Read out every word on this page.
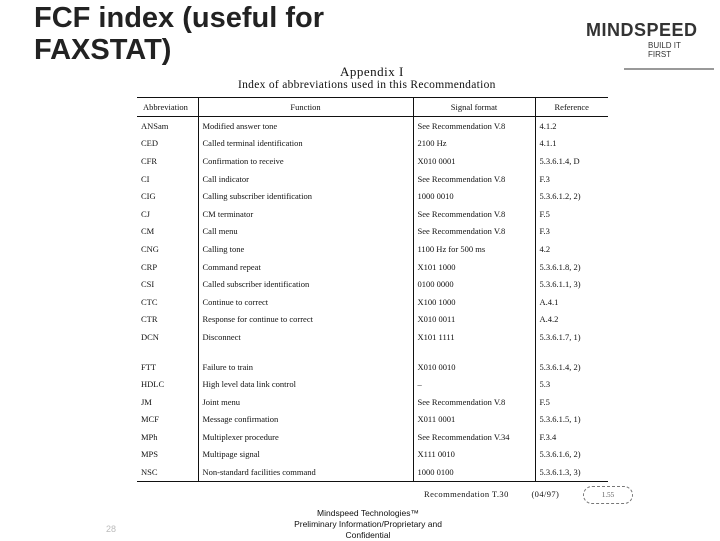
FCF index (useful for FAXSTAT)
MINDSPEED
BUILD IT FIRST
Appendix I
Index of abbreviations used in this Recommendation
Abbreviation	Function	Signal format	Reference
ANSam	Modified answer tone	See Recommendation V.8	4.1.2
CED	Called terminal identification	2100 Hz	4.1.1
CFR	Confirmation to receive	X010 0001	5.3.6.1.4, D
CI	Call indicator	See Recommendation V.8	F.3
CIG	Calling subscriber identification	1000 0010	5.3.6.1.2, 2)
CJ	CM terminator	See Recommendation V.8	F.5
CM	Call menu	See Recommendation V.8	F.3
CNG	Calling tone	1100 Hz for 500 ms	4.2
CRP	Command repeat	X101 1000	5.3.6.1.8, 2)
CSI	Called subscriber identification	0100 0000	5.3.6.1.1, 3)
CTC	Continue to correct	X100 1000	A.4.1
CTR	Response for continue to correct	X010 0011	A.4.2
DCN	Disconnect	X101 1111	5.3.6.1.7, 1)

FTT	Failure to train	X010 0010	5.3.6.1.4, 2)
HDLC	High level data link control	–	5.3
JM	Joint menu	See Recommendation V.8	F.5
MCF	Message confirmation	X011 0001	5.3.6.1.5, 1)
MPh	Multiplexer procedure	See Recommendation V.34	F.3.4
MPS	Multipage signal	X111 0010	5.3.6.1.6, 2)
NSC	Non-standard facilities command	1000 0100	5.3.6.1.3, 3)
Recommendation T.30	(04/97)	1.55
28
Mindspeed Technologies™
Preliminary Information/Proprietary and
Confidential
